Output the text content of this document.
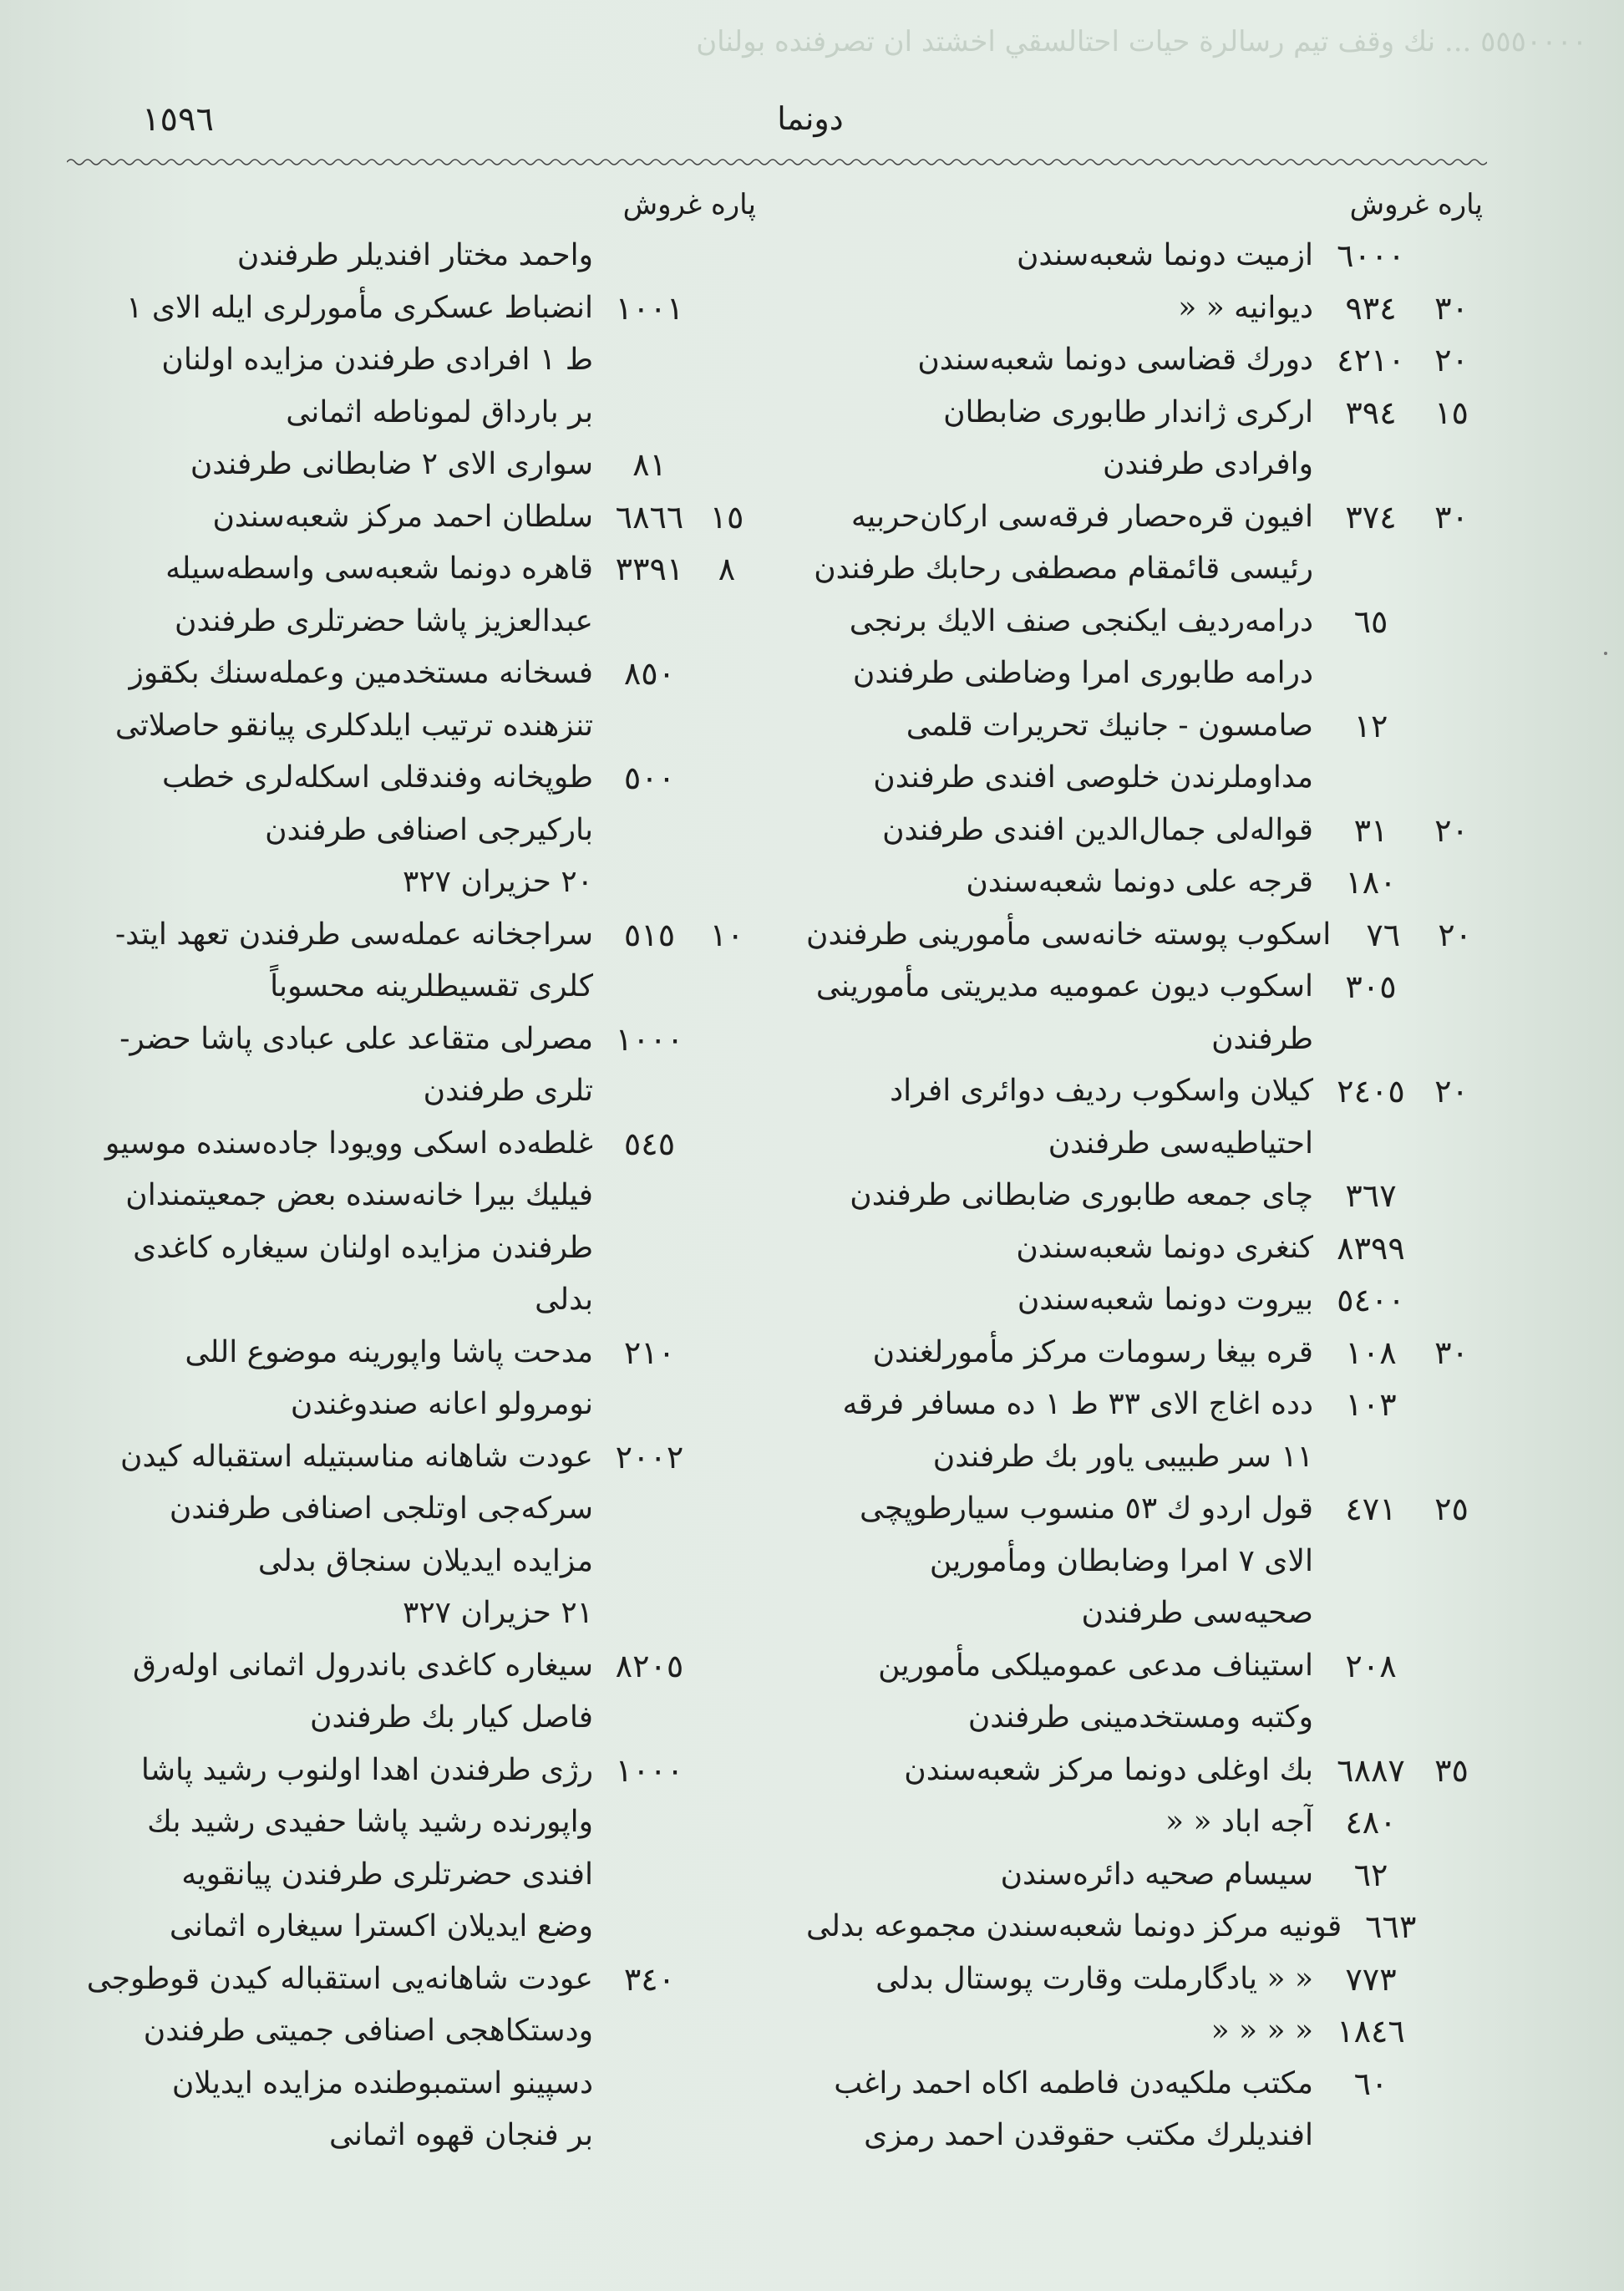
٥٥٥٠٠٠٠ ... نك وقف تيم رسالرة حيات احتالسقي اخشتد ان تصرفنده بولنان
دونما
١٥٩٦
پاره غروش
٦٠٠٠
ازميت دونما شعبه‌سندن
٣٠
٩٣٤
ديوانيه « «
٢٠
٤٢١٠
دورك قضاسى دونما شعبه‌سندن
١٥
٣٩٤
اركرى ژاندار طابورى ضابطان
وافرادى طرفندن
٣٠
٣٧٤
افيون قره‌حصار فرقه‌سى اركان‌حربيه
رئيسى قائمقام مصطفى رحابك طرفندن
٦٥
درامه‌رديف ايكنجى صنف الايك برنجى
درامه طابورى امرا وضاطنى طرفندن
١٢
صامسون - جانيك تحريرات قلمى
مداوملرندن خلوصى افندى طرفندن
٢٠
٣١
قواله‌لى جمال‌الدين افندى طرفندن
١٨٠
قرجه على دونما شعبه‌سندن
٢٠
٧٦
اسكوب پوسته خانه‌سى مأمورينى طرفندن
٣٠٥
اسكوب ديون عموميه مديريتى مأمورينى
طرفندن
٢٠
٢٤٠٥
كيلان واسكوب رديف دوائرى افراد
احتياطيه‌سى طرفندن
٣٦٧
چاى جمعه طابورى ضابطانى طرفندن
٨٣٩٩
كنغرى دونما شعبه‌سندن
٥٤٠٠
بيروت دونما شعبه‌سندن
٣٠
١٠٨
قره بيغا رسومات مركز مأمورلغندن
١٠٣
دده اغاج الاى ٣٣ ط ١ ده مسافر فرقه
١١ سر طبيبى ياور بك طرفندن
٢٥
٤٧١
قول اردو ك ٥٣ منسوب سيارطوپچى
الاى ٧ امرا وضابطان ومأمورين
صحيه‌سى طرفندن
٢٠٨
استيناف مدعى عموميلكى مأمورين
وكتبه ومستخدمينى طرفندن
٣٥
٦٨٨٧
بك اوغلى دونما مركز شعبه‌سندن
٤٨٠
آجه اباد « «
٦٢
سيسام صحيه دائره‌سندن
٦٦٣
قونيه مركز دونما شعبه‌سندن مجموعه بدلى
٧٧٣
« « يادگارملت وقارت پوستال بدلى
١٨٤٦
« « « «
٦٠
مكتب ملكيه‌دن فاطمه اكاه احمد راغب
افنديلرك مكتب حقوقدن احمد رمزى
پاره غروش
واحمد مختار افنديلر طرفندن
١٠٠١
انضباط عسكرى مأمورلرى ايله الاى ١
ط ١ افرادى طرفندن مزايده اولنان
بر بارداق لموناطه اثمانى
٨١
سوارى الاى ٢ ضابطانى طرفندن
١٥
٦٨٦٦
سلطان احمد مركز شعبه‌سندن
٨
٣٣٩١
قاهره دونما شعبه‌سى واسطه‌سيله
عبدالعزيز پاشا حضرتلرى طرفندن
٨٥٠
فسخانه مستخدمين وعمله‌سنك بكقوز
تنزهنده ترتيب ايلدكلرى پيانقو حاصلاتى
٥٠٠
طوپخانه وفندقلى اسكله‌لرى خطب
باركيرجى اصنافى طرفندن
٢٠ حزيران ٣٢٧
١٠
٥١٥
سراجخانه عمله‌سى طرفندن تعهد ايتد-
كلرى تقسيطلرينه محسوباً
١٠٠٠
مصرلى متقاعد على عبادى پاشا حضر-
تلرى طرفندن
٥٤٥
غلطه‌ده اسكى وويودا جاده‌سنده موسيو
فيليك بيرا خانه‌سنده بعض جمعيتمندان
طرفندن مزايده اولنان سيغاره كاغدى
بدلى
٢١٠
مدحت پاشا واپورينه موضوع اللى
نومرولو اعانه صندوغندن
٢٠٠٢
عودت شاهانه مناسبتيله استقباله كيدن
سركه‌جى اوتلجى اصنافى طرفندن
مزايده ايديلان سنجاق بدلى
٢١ حزيران ٣٢٧
٨٢٠٥
سيغاره كاغدى باندرول اثمانى اوله‌رق
فاصل كيار بك طرفندن
١٠٠٠
رژى طرفندن اهدا اولنوب رشيد پاشا
واپورنده رشيد پاشا حفيدى رشيد بك
افندى حضرتلرى طرفندن پيانقويه
وضع ايديلان اكسترا سيغاره اثمانى
٣٤٠
عودت شاهانه‌يى استقباله كيدن قوطوجى
ودستكاهجى اصنافى جميتى طرفندن
دسپينو استمبوطنده مزايده ايديلان
بر فنجان قهوه اثمانى
